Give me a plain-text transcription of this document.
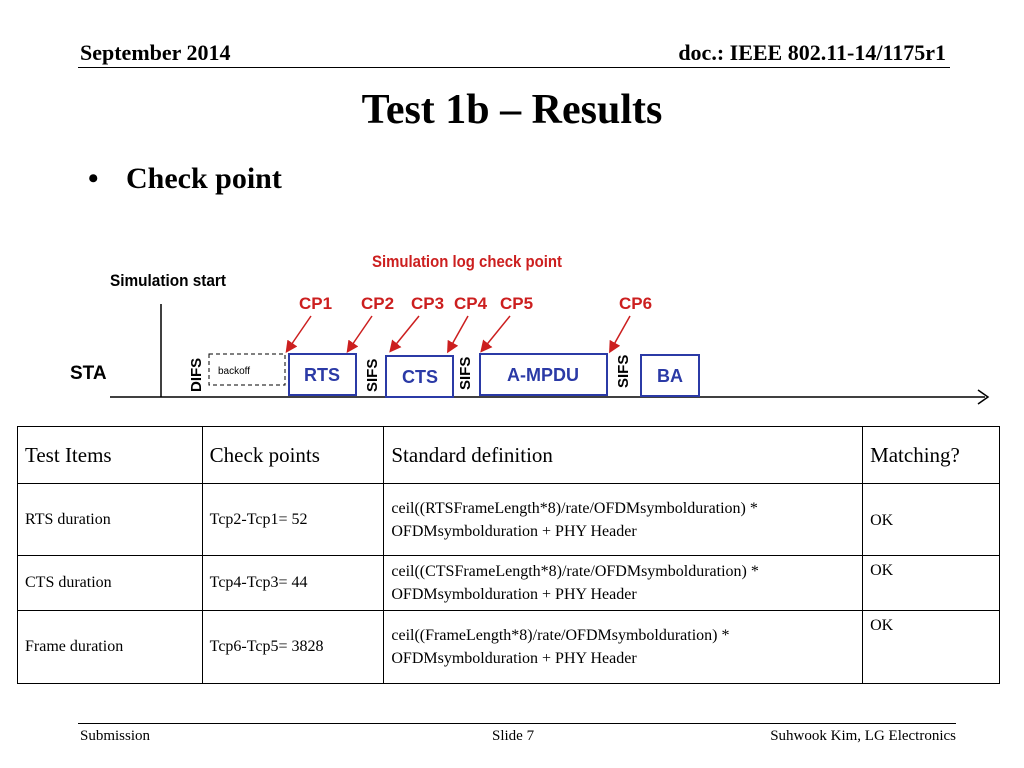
September 2014	doc.: IEEE 802.11-14/1175r1
Test 1b – Results
• Check point
Simulation log check point
Simulation start
STA
CP1 CP2 CP3 CP4 CP5	CP6
DIFS	SIFS	SIFS	SIFS
backoff	RTS	CTS	A-MPDU	BA
Test Items	Check points	Standard definition	Matching?
RTS duration	Tcp2-Tcp1= 52	ceil((RTSFrameLength*8)/rate/OFDMsymbolduration) *
OFDMsymbolduration + PHY Header	OK
CTS duration	Tcp4-Tcp3= 44	ceil((CTSFrameLength*8)/rate/OFDMsymbolduration) *
OFDMsymbolduration + PHY Header	OK
Frame duration	Tcp6-Tcp5= 3828	ceil((FrameLength*8)/rate/OFDMsymbolduration) *
OFDMsymbolduration + PHY Header	OK
Submission	Slide 7	Suhwook Kim, LG Electronics
